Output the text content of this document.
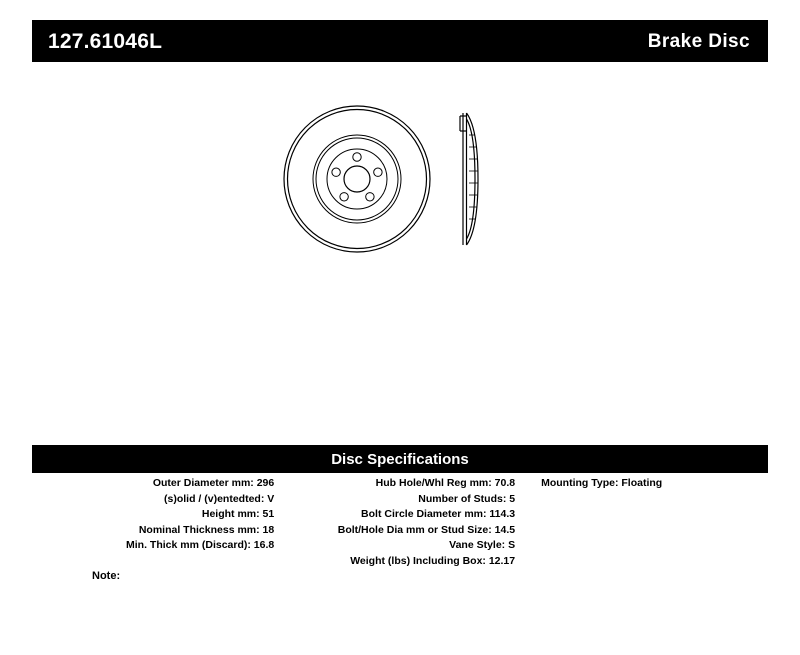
127.61046L	Brake Disc
Disc Specifications
Outer Diameter mm: 296
(s)olid / (v)entedted: V
Height mm: 51
Nominal Thickness mm: 18
Min. Thick mm (Discard): 16.8
Hub Hole/Whl Reg mm: 70.8
Number of Studs: 5
Bolt Circle Diameter mm: 114.3
Bolt/Hole Dia mm or Stud Size: 14.5
Vane Style: S
Weight (lbs) Including Box: 12.17
Mounting Type: Floating
Note:
